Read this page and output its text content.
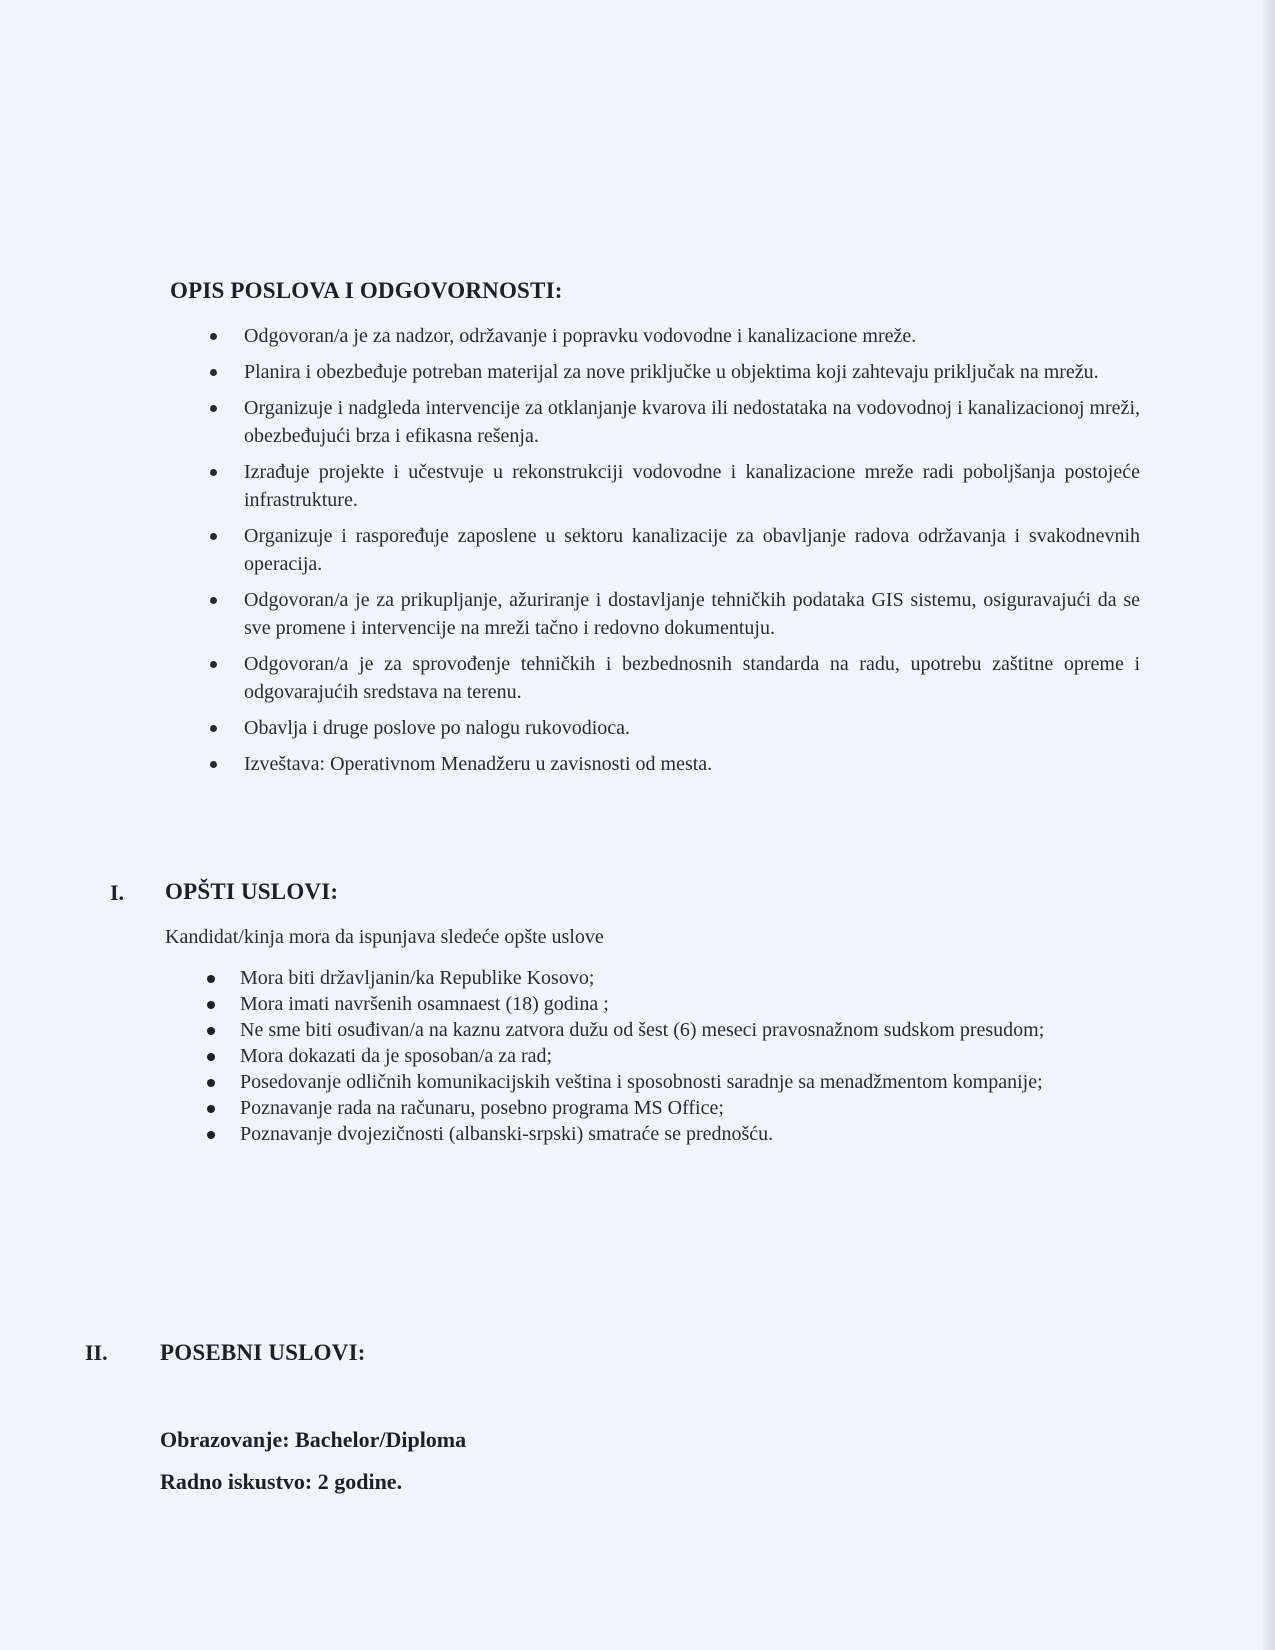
OPIS POSLOVA I ODGOVORNOSTI:
Odgovoran/a je za nadzor, održavanje i popravku vodovodne i kanalizacione mreže.
Planira i obezbeđuje potreban materijal za nove priključke u objektima koji zahtevaju priključak na mrežu.
Organizuje i nadgleda intervencije za otklanjanje kvarova ili nedostataka na vodovodnoj i kanalizacionoj mreži, obezbeđujući brza i efikasna rešenja.
Izrađuje projekte i učestvuje u rekonstrukciji vodovodne i kanalizacione mreže radi poboljšanja postojeće infrastrukture.
Organizuje i raspoređuje zaposlene u sektoru kanalizacije za obavljanje radova održavanja i svakodnevnih operacija.
Odgovoran/a je za prikupljanje, ažuriranje i dostavljanje tehničkih podataka GIS sistemu, osiguravajući da se sve promene i intervencije na mreži tačno i redovno dokumentuju.
Odgovoran/a je za sprovođenje tehničkih i bezbednosnih standarda na radu, upotrebu zaštitne opreme i odgovarajućih sredstava na terenu.
Obavlja i druge poslove po nalogu rukovodioca.
Izveštava: Operativnom Menadžeru u zavisnosti od mesta.
I. OPŠTI USLOVI:
Kandidat/kinja mora da ispunjava sledeće opšte uslove
Mora biti državljanin/ka Republike Kosovo;
Mora imati navršenih osamnaest (18) godina ;
Ne sme biti osuđivan/a na kaznu zatvora dužu od šest (6) meseci pravosnažnom sudskom presudom;
Mora dokazati da je sposoban/a za rad;
Posedovanje odličnih komunikacijskih veština i sposobnosti saradnje sa menadžmentom kompanije;
Poznavanje rada na računaru, posebno programa MS Office;
Poznavanje dvojezičnosti (albanski-srpski) smatraće se prednošću.
II. POSEBNI USLOVI:
Obrazovanje: Bachelor/Diploma
Radno iskustvo: 2 godine.
